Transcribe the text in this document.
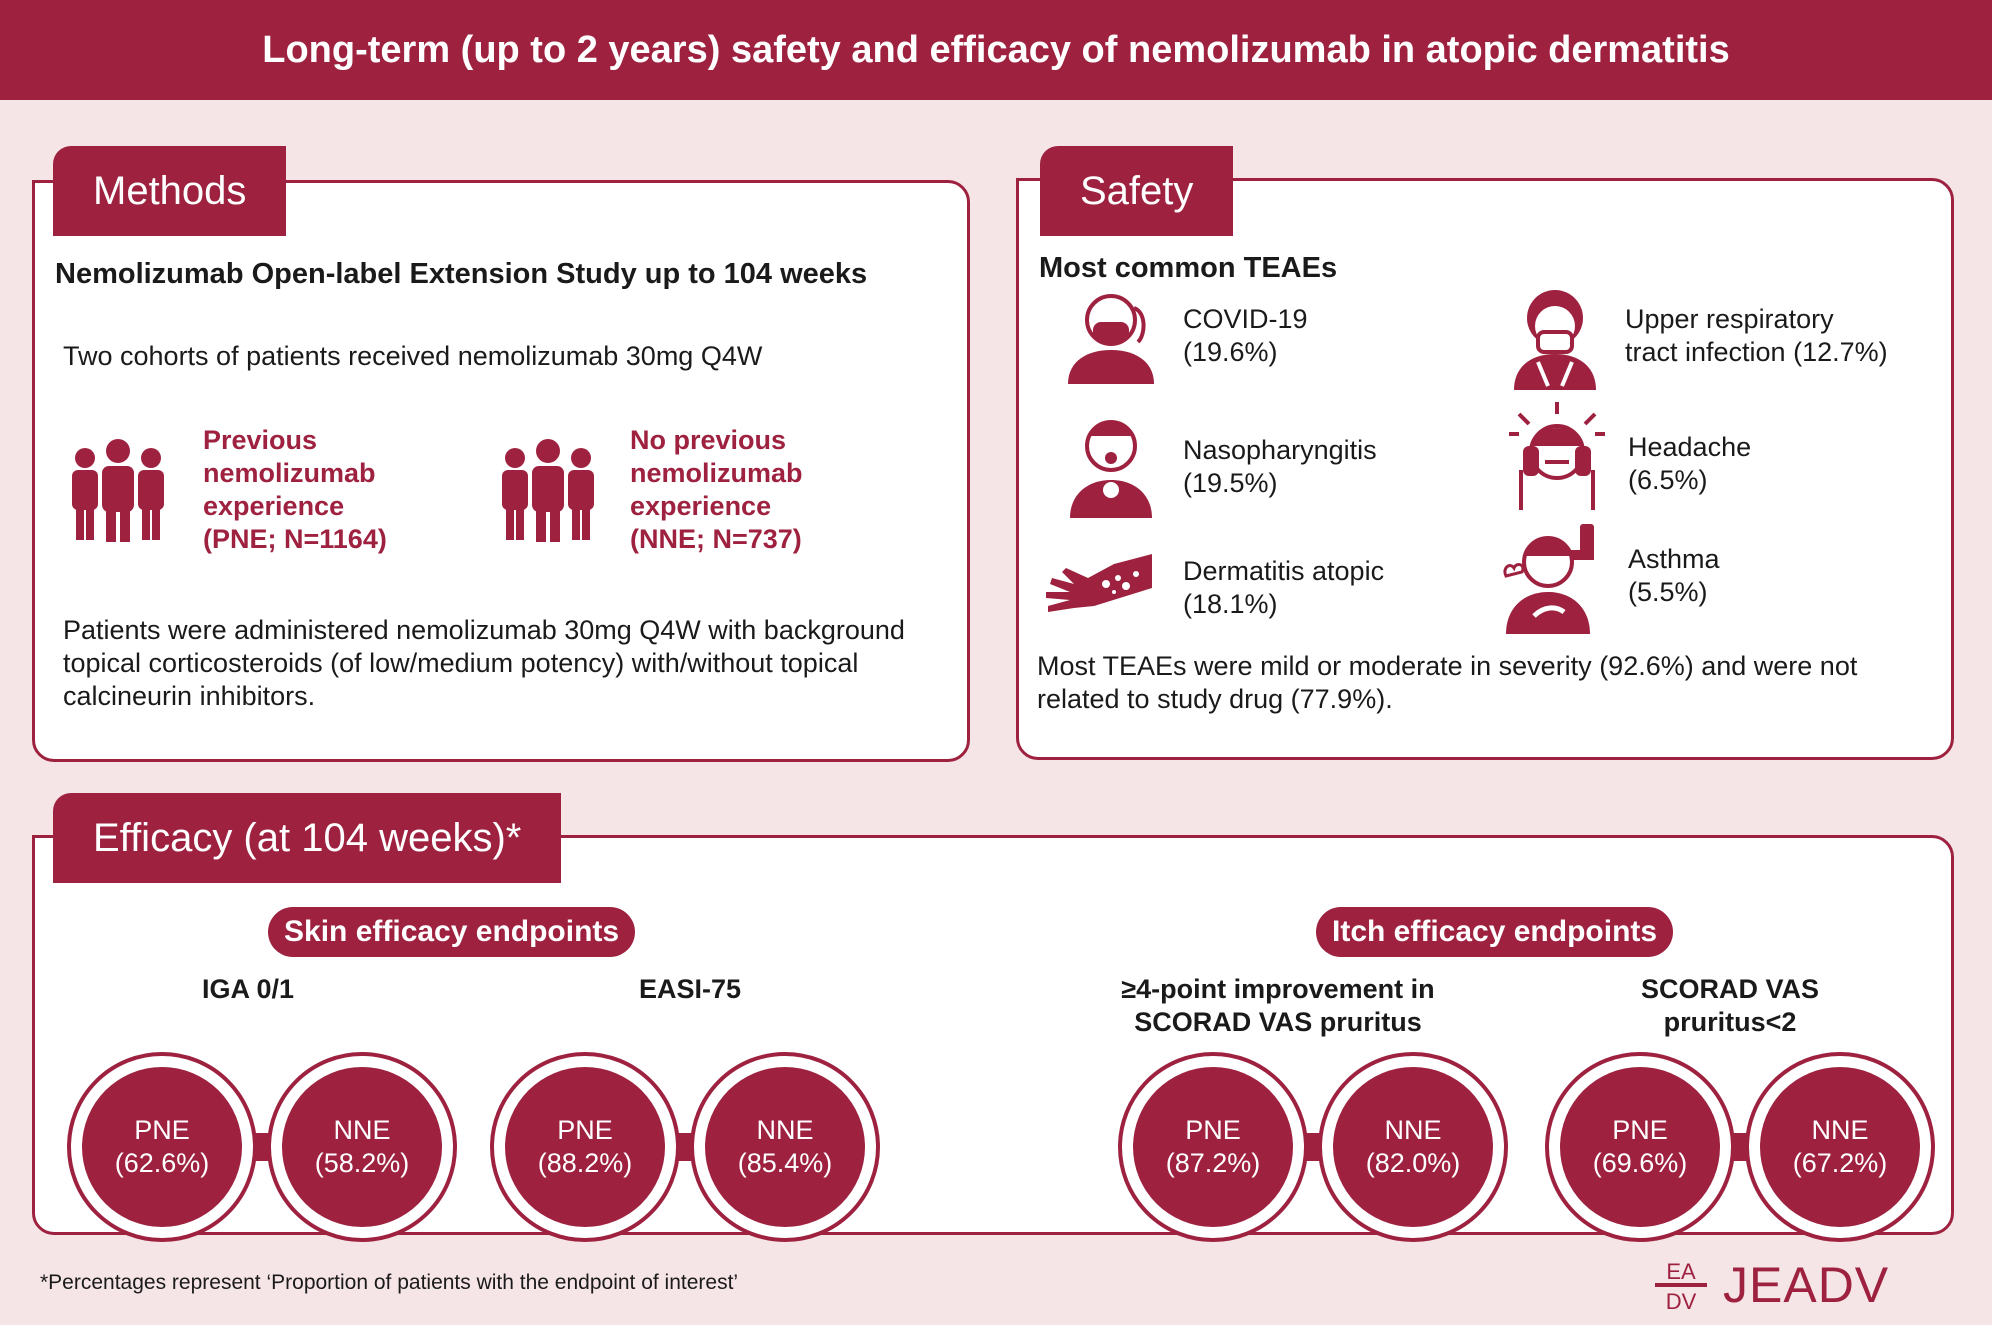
Long-term (up to 2 years) safety and efficacy of nemolizumab in atopic dermatitis
Methods
Nemolizumab Open-label Extension Study up to 104 weeks
Two cohorts of patients received nemolizumab 30mg Q4W
Previous
nemolizumab
experience
(PNE; N=1164)
No previous
nemolizumab
experience
(NNE; N=737)
Patients were administered nemolizumab 30mg Q4W with background
topical corticosteroids (of low/medium potency) with/without topical
calcineurin inhibitors.
Safety
Most common TEAEs
COVID-19
(19.6%)
Upper respiratory
tract infection (12.7%)
Nasopharyngitis
(19.5%)
Headache
(6.5%)
Dermatitis atopic
(18.1%)
Asthma
(5.5%)
Most TEAEs were mild or moderate in severity (92.6%) and were not
related to study drug (77.9%).
Efficacy (at 104 weeks)*
Skin efficacy endpoints	Itch efficacy endpoints
IGA 0/1	EASI-75	≥4-point improvement in
SCORAD VAS pruritus
SCORAD VAS
pruritus<2
PNE
(62.6%)
NNE
(58.2%)
PNE
(88.2%)
NNE
(85.4%)
PNE
(87.2%)
NNE
(82.0%)
PNE
(69.6%)
NNE
(67.2%)
*Percentages represent ‘Proportion of patients with the endpoint of interest’	EA
DV JEADV
